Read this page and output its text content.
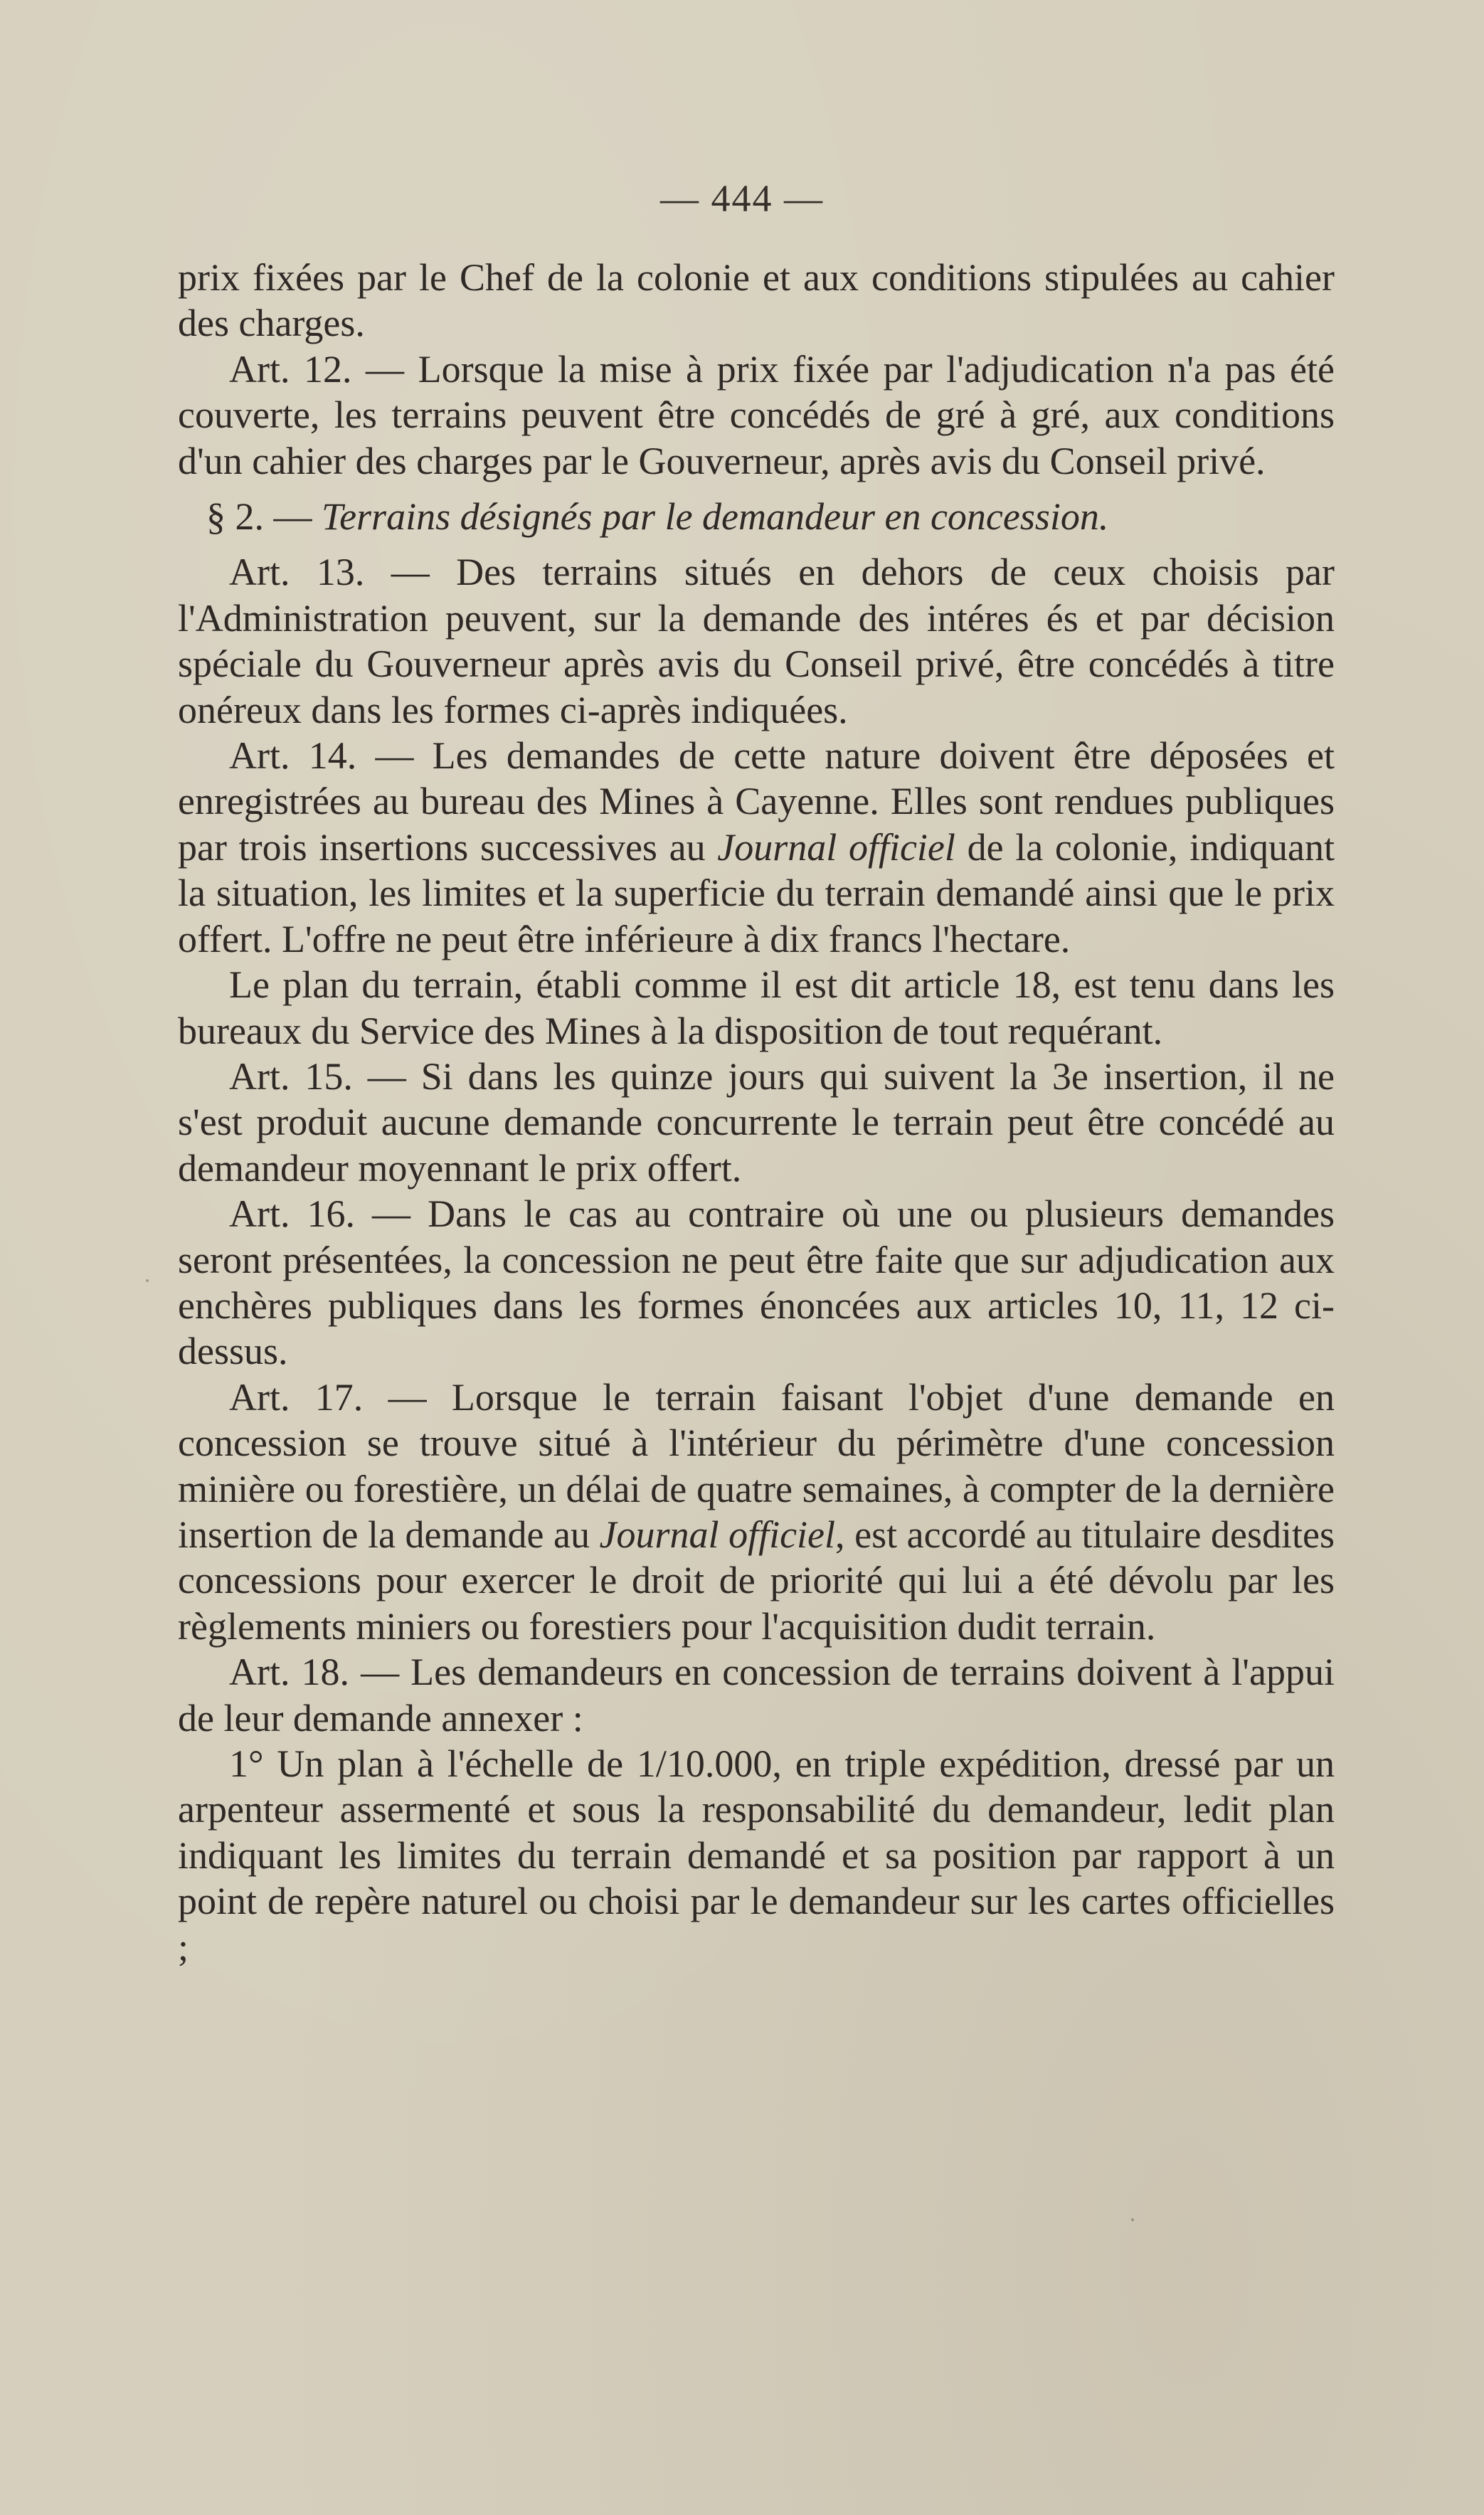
— 444 —

prix fixées par le Chef de la colonie et aux conditions stipulées au cahier des charges.

Art. 12. — Lorsque la mise à prix fixée par l'adjudication n'a pas été couverte, les terrains peuvent être concédés de gré à gré, aux conditions d'un cahier des charges par le Gouverneur, après avis du Conseil privé.

§ 2. — Terrains désignés par le demandeur en concession.

Art. 13. — Des terrains situés en dehors de ceux choisis par l'Administration peuvent, sur la demande des intéres és et par décision spéciale du Gouverneur après avis du Conseil privé, être concédés à titre onéreux dans les formes ci-après indiquées.

Art. 14. — Les demandes de cette nature doivent être déposées et enregistrées au bureau des Mines à Cayenne. Elles sont rendues publiques par trois insertions successives au Journal officiel de la colonie, indiquant la situation, les limites et la superficie du terrain demandé ainsi que le prix offert. L'offre ne peut être inférieure à dix francs l'hectare.

Le plan du terrain, établi comme il est dit article 18, est tenu dans les bureaux du Service des Mines à la disposition de tout requérant.

Art. 15. — Si dans les quinze jours qui suivent la 3e insertion, il ne s'est produit aucune demande concurrente le terrain peut être concédé au demandeur moyennant le prix offert.

Art. 16. — Dans le cas au contraire où une ou plusieurs demandes seront présentées, la concession ne peut être faite que sur adjudication aux enchères publiques dans les formes énoncées aux articles 10, 11, 12 ci-dessus.

Art. 17. — Lorsque le terrain faisant l'objet d'une demande en concession se trouve situé à l'intérieur du périmètre d'une concession minière ou forestière, un délai de quatre semaines, à compter de la dernière insertion de la demande au Journal officiel, est accordé au titulaire desdites concessions pour exercer le droit de priorité qui lui a été dévolu par les règlements miniers ou forestiers pour l'acquisition dudit terrain.

Art. 18. — Les demandeurs en concession de terrains doivent à l'appui de leur demande annexer :

1° Un plan à l'échelle de 1/10.000, en triple expédition, dressé par un arpenteur assermenté et sous la responsabilité du demandeur, ledit plan indiquant les limites du terrain demandé et sa position par rapport à un point de repère naturel ou choisi par le demandeur sur les cartes officielles ;
